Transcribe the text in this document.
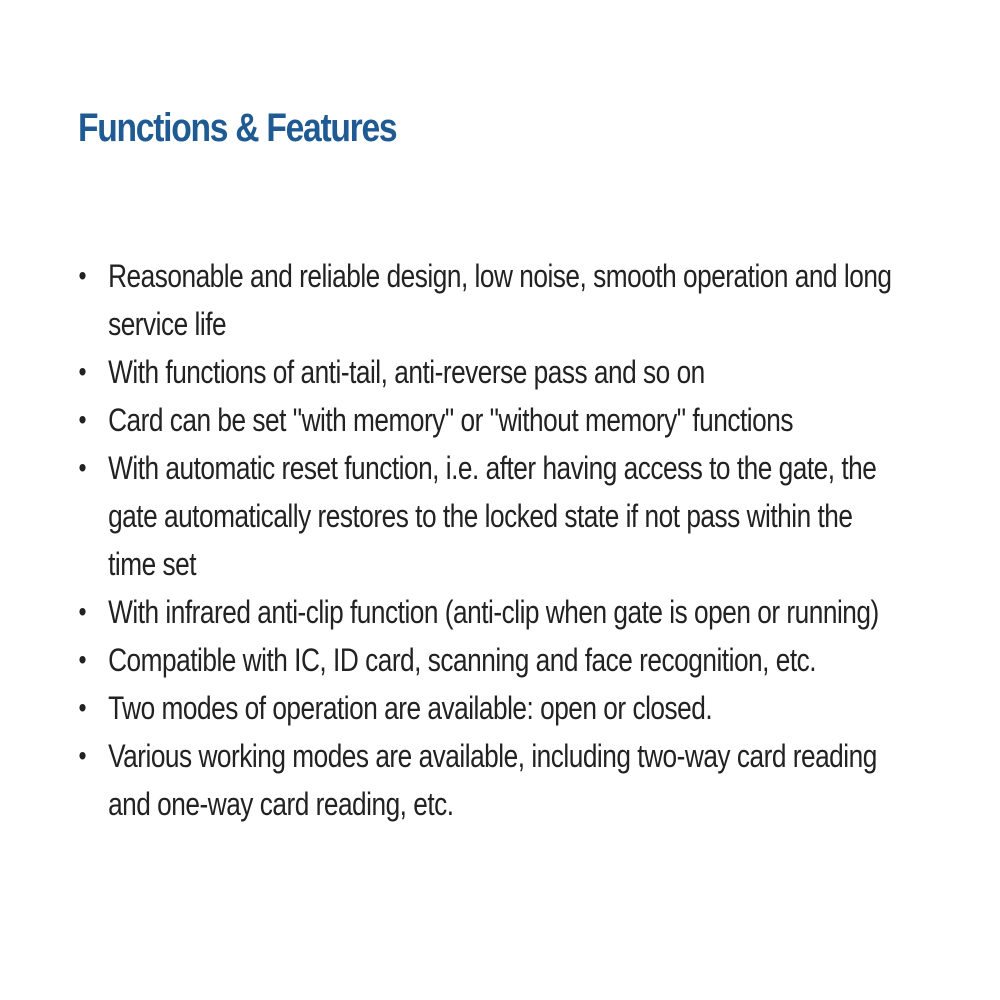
Functions & Features
• Reasonable and reliable design, low noise, smooth operation and long service life
• With functions of anti-tail, anti-reverse pass and so on
• Card can be set "with memory" or "without memory" functions
• With automatic reset function, i.e. after having access to the gate, the gate automatically restores to the locked state if not pass within the time set
• With infrared anti-clip function (anti-clip when gate is open or running)
• Compatible with IC, ID card, scanning and face recognition, etc.
• Two modes of operation are available: open or closed.
• Various working modes are available, including two-way card reading and one-way card reading, etc.
